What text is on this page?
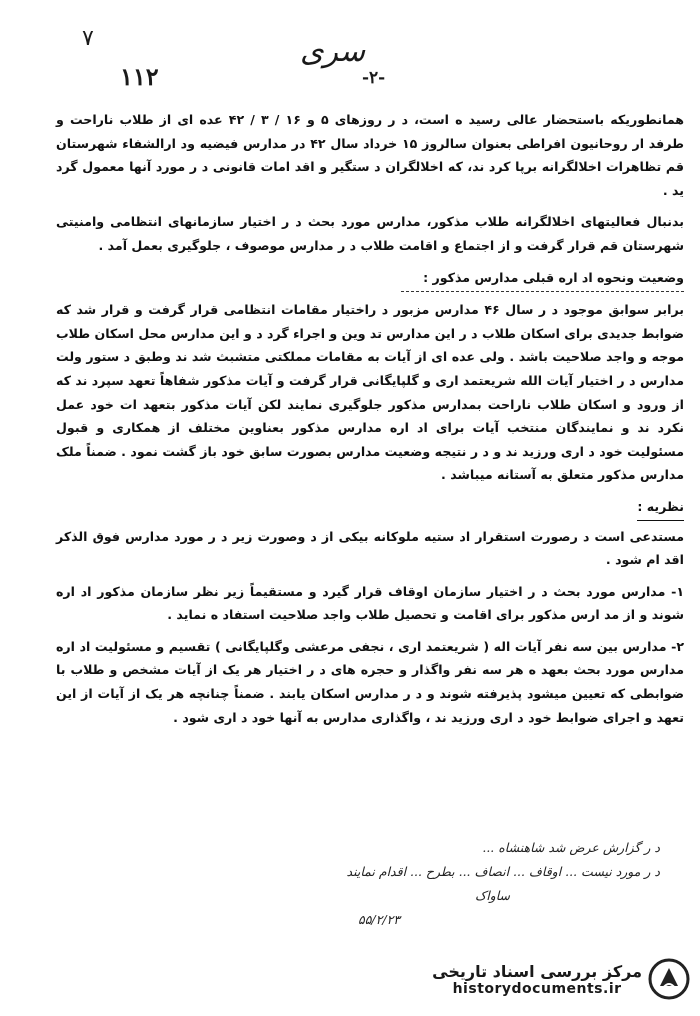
٧
۱۱۲
سری
-۲-

همانطوریکه باستحضار عالی رسید ه است، د ر روزهای ۵ و ۱۶ / ۳ / ۴۲ عده ای از طلاب ناراحت و طرفد ار روحانیون افراطی بعنوان سالروز ۱۵ خرداد سال ۴۲ در مدارس فیضیه ود ارالشفاء شهرستان قم تظاهرات اخلالگرانه برپا کرد ند، که اخلالگران د ستگیر و اقد امات قانونی د ر مورد آنها معمول گرد ید .

بدنبال فعالیتهای اخلالگرانه طلاب مذکور، مدارس مورد بحث د ر اختیار سازمانهای انتظامی وامنیتی شهرستان قم قرار گرفت و از اجتماع و اقامت طلاب د ر مدارس موصوف ، جلوگیری بعمل آمد .

وضعیت ونحوه اد اره قبلی مدارس مذکور :

برابر سوابق موجود د ر سال ۴۶ مدارس مزبور د راختیار مقامات انتظامی قرار گرفت و قرار شد که ضوابط جدیدی برای اسکان طلاب د ر این مدارس تد وین و اجراء گرد د و این مدارس محل اسکان طلاب موجه و واجد صلاحیت باشد . ولی عده ای از آیات به مقامات مملکتی متشبث شد ند وطبق د ستور ولت مدارس د ر اختیار آیات الله شریعتمد اری و گلپایگانی قرار گرفت و آیات مذکور شفاهاً تعهد سپرد ند که از ورود و اسکان طلاب ناراحت بمدارس مذکور جلوگیری نمایند لکن آیات مذکور بتعهد ات خود عمل نکرد ند و نمایندگان منتخب آیات برای اد اره مدارس مذکور بعناوین مختلف از همکاری و قبول مسئولیت خود د اری ورزید ند و د ر نتیجه وضعیت مدارس بصورت سابق خود باز گشت نمود . ضمناً ملک مدارس مذکور متعلق به آستانه میباشد .

نظریه :

مستدعی است د رصورت استقرار اد ستیه ملوکانه بیکی از د وصورت زیر د ر مورد مدارس فوق الذکر اقد ام شود .

۱- مدارس مورد بحث د ر اختیار سازمان اوقاف قرار گیرد و مستقیماً زیر نظر سازمان مذکور اد اره شوند و از مد ارس مذکور برای اقامت و تحصیل طلاب واجد صلاحیت استفاد ه نماید .

۲- مدارس بین سه نفر آیات اله ( شریعتمد اری ، نجفی مرعشی وگلپایگانی ) تقسیم و مسئولیت اد اره مدارس مورد بحث بعهد ه هر سه نفر واگذار و حجره های د ر اختیار هر یک از آیات مشخص و طلاب با ضوابطی که تعیین میشود پذیرفته شوند و د ر مدارس اسکان یابند . ضمناً چنانچه هر یک از آیات از این تعهد و اجرای ضوابط خود د اری ورزید ند ، واگذاری مدارس به آنها خود د اری شود .

د ر گزارش عرض شد شاهنشاه ...
د ر مورد نیست ... اوقاف ... انصاف ... بطرح ... اقدام نمایند
ساواک
۵۵/۲/۲۳
مرکز بررسی اسناد تاریخی
historydocuments.ir
